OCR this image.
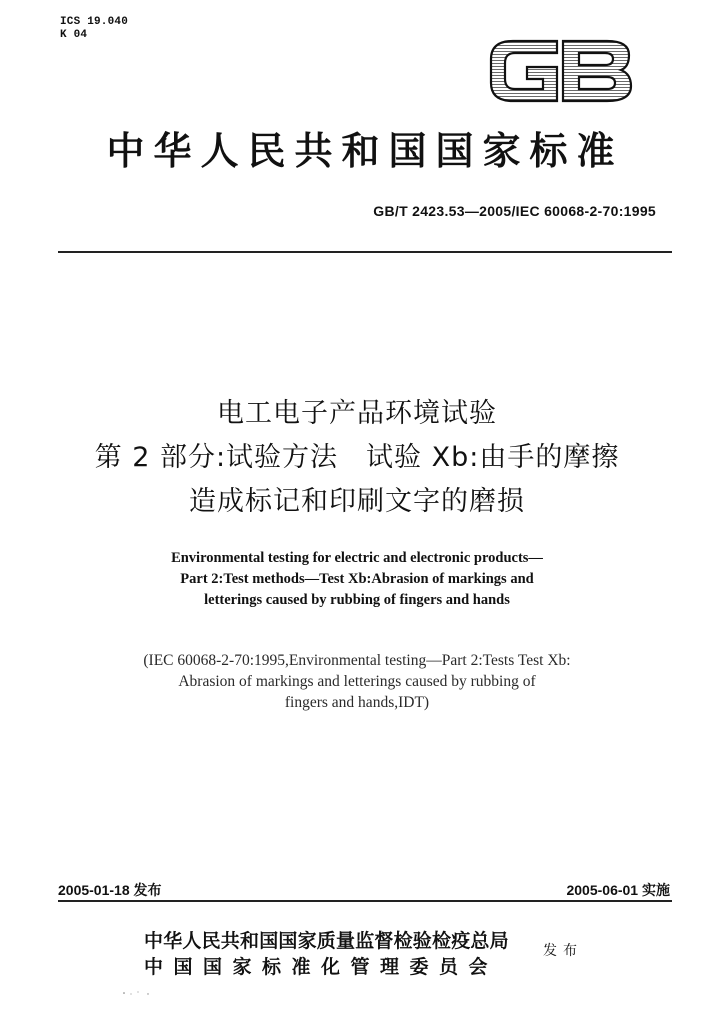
ICS 19.040
K 04
中华人民共和国国家标准
GB/T 2423.53—2005/IEC 60068-2-70:1995
电工电子产品环境试验
第 2 部分:试验方法　试验 Xb:由手的摩擦
造成标记和印刷文字的磨损
Environmental testing for electric and electronic products—
Part 2:Test methods—Test Xb:Abrasion of markings and
letterings caused by rubbing of fingers and hands
(IEC 60068-2-70:1995,Environmental testing—Part 2:Tests Test Xb:
Abrasion of markings and letterings caused by rubbing of
fingers and hands,IDT)
2005-01-18 发布	2005-06-01 实施
中华人民共和国国家质量监督检验检疫总局
中国国家标准化管理委员会
发布
